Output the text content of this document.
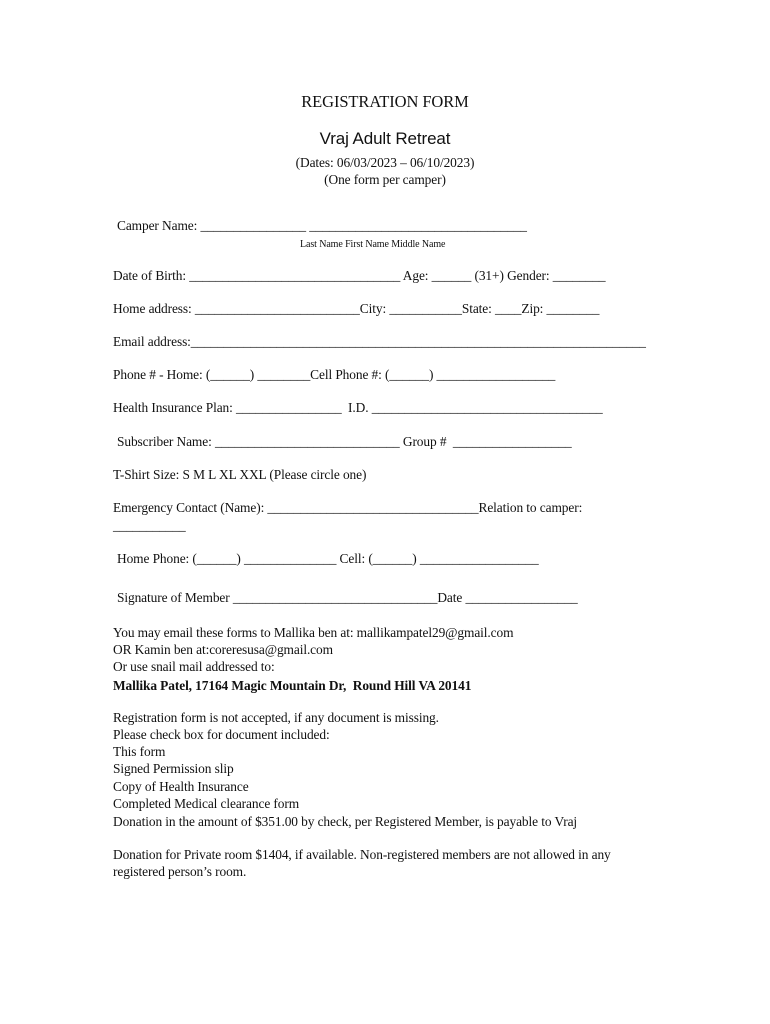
REGISTRATION FORM
Vraj Adult Retreat
(Dates: 06/03/2023 – 06/10/2023)
(One form per camper)
Camper Name: ________________ _________________________________
Last Name First Name Middle Name
Date of Birth: ________________________________ Age: ______ (31+) Gender: ________
Home address: _________________________City: ___________State: ____Zip: ________
Email address:_____________________________________________________________________
Phone # - Home: (______) ________Cell Phone #: (______) __________________
Health Insurance Plan: ________________  I.D. ___________________________________
Subscriber Name: ____________________________ Group #  __________________
T-Shirt Size: S M L XL XXL (Please circle one)
Emergency Contact (Name): ________________________________Relation to camper:
___________
Home Phone: (______) ______________ Cell: (______) __________________
Signature of Member _______________________________Date _________________
You may email these forms to Mallika ben at: mallikampatel29@gmail.com
OR Kamin ben at:coreresusa@gmail.com
Or use snail mail addressed to:
Mallika Patel, 17164 Magic Mountain Dr,  Round Hill VA 20141
Registration form is not accepted, if any document is missing.
Please check box for document included:
This form
Signed Permission slip
Copy of Health Insurance
Completed Medical clearance form
Donation in the amount of $351.00 by check, per Registered Member, is payable to Vraj
Donation for Private room $1404, if available. Non-registered members are not allowed in any
registered person’s room.
